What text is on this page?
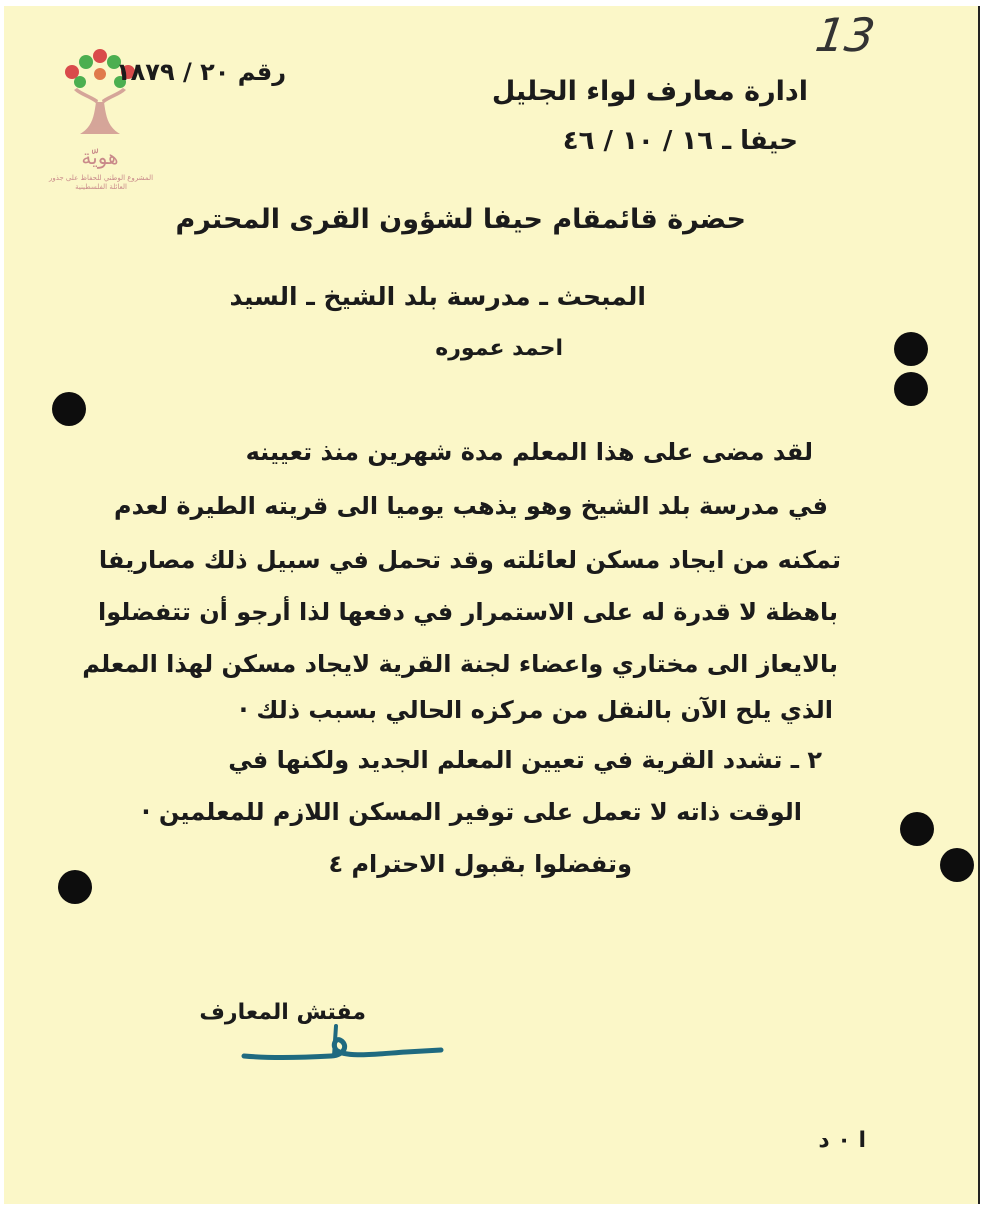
13
هويّة
المشروع الوطني للحفاظ على جذور العائلة الفلسطينية
رقم ٢٠ / ١٨٧٩
ادارة معارف لواء الجليل
حيفا ـ ١٦ / ١٠ / ٤٦
حضرة قائمقام حيفا لشؤون القرى المحترم
المبحث ـ مدرسة بلد الشيخ ـ السيد
احمد عموره
لقد مضى على هذا المعلم مدة شهرين منذ تعيينه
في مدرسة بلد الشيخ وهو يذهب يوميا الى قريته الطيرة لعدم
تمكنه من ايجاد مسكن لعائلته وقد تحمل في سبيل ذلك مصاريفا
باهظة لا قدرة له على الاستمرار في دفعها لذا أرجو أن تتفضلوا
بالايعاز الى مختاري واعضاء لجنة القرية لايجاد مسكن لهذا المعلم
الذي يلح الآن بالنقل من مركزه الحالي بسبب ذلك ·
٢ ـ تشدد القرية في تعيين المعلم الجديد ولكنها في
الوقت ذاته لا تعمل على توفير المسكن اللازم للمعلمين ·
وتفضلوا بقبول الاحترام ٤
مفتش المعارف
ا ٠ د
